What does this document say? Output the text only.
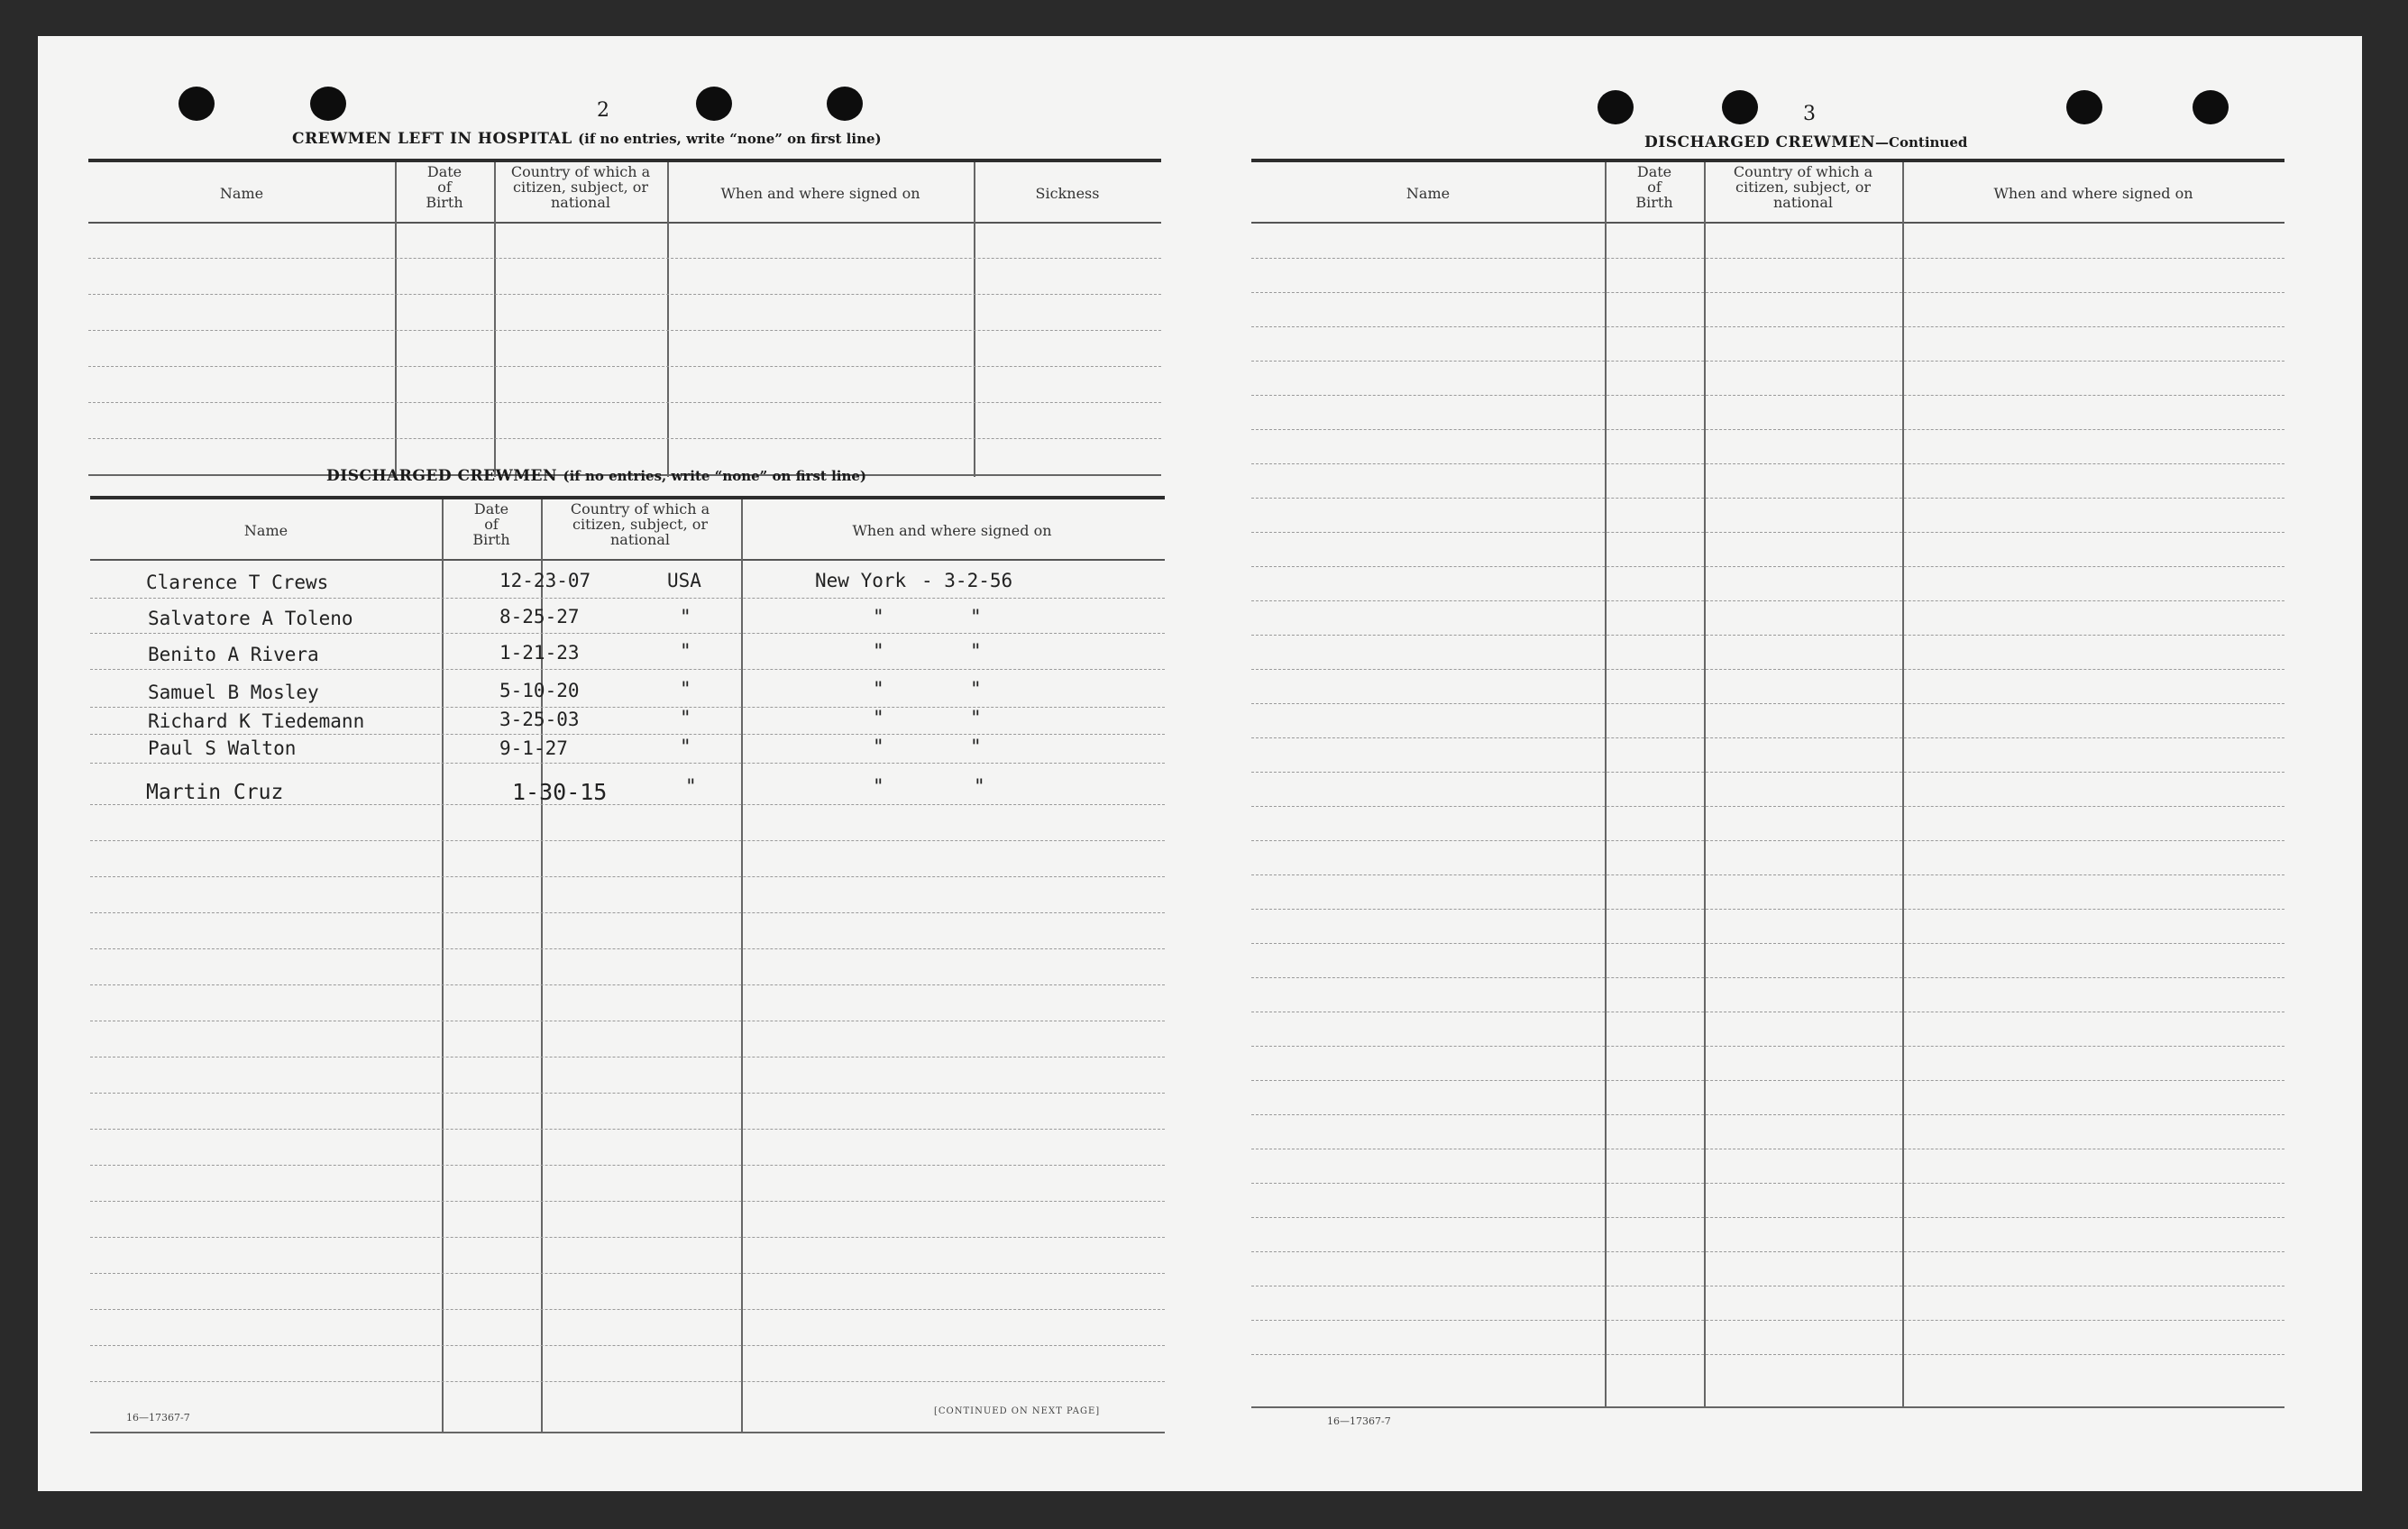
2
CREWMEN LEFT IN HOSPITAL (if no entries, write “none” on first line)
Name
Date
of
Birth
Country of which a
citizen, subject, or
national
When and where signed on	Sickness
DISCHARGED CREWMEN (if no entries, write “none” on first line)
Name
Date
of
Birth
Country of which a
citizen, subject, or
national
When and where signed on
Clarence T Crews	12-23-07	USA	New York - 3-2-56
Salvatore A Toleno	8-25-27	"	"	"
Benito A Rivera	1-21-23	"	"	"
Samuel B Mosley	5-10-20	"	"	"
Richard K Tiedemann	3-25-03	"	"	"
Paul S Walton	9-1-27	"	"	"
Martin Cruz	1-30-15	"	"	"
16—17367-7
[CONTINUED ON NEXT PAGE]
3
DISCHARGED CREWMEN—Continued
Name
Date
of
Birth
Country of which a
citizen, subject, or
national
When and where signed on
16—17367-7
